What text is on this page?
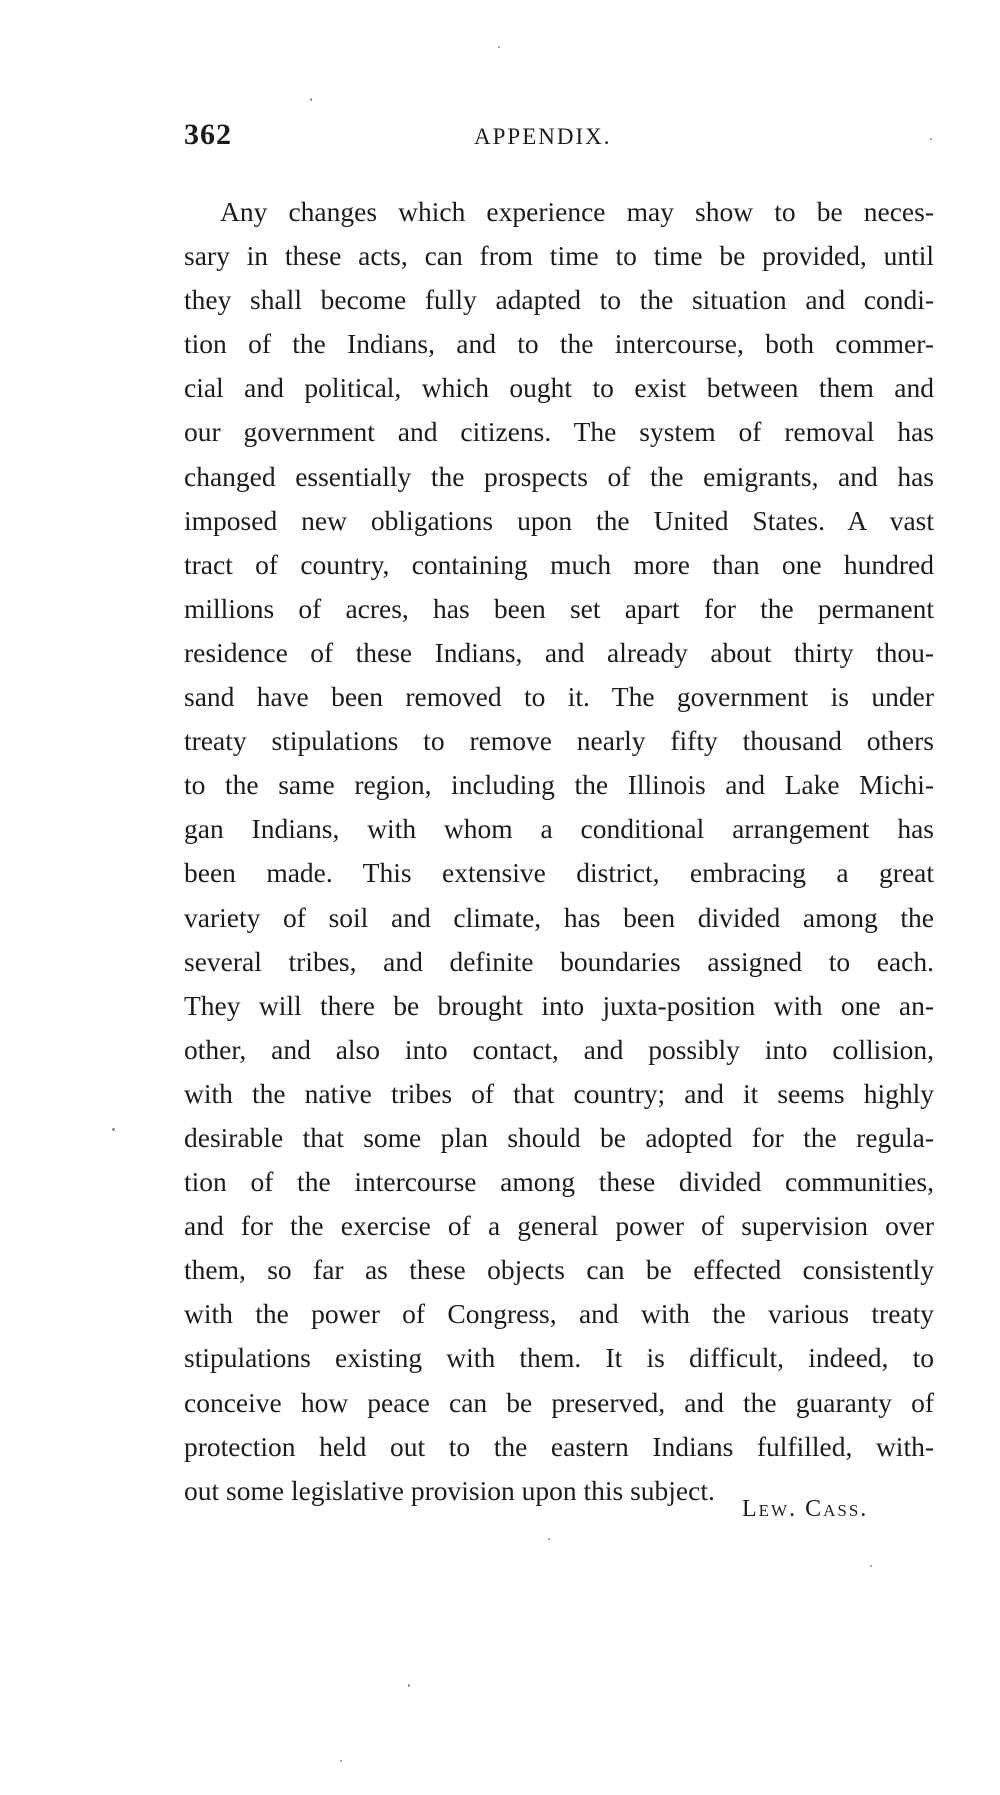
362	APPENDIX.
Any changes which experience may show to be neces-
sary in these acts, can from time to time be provided, until
they shall become fully adapted to the situation and condi-
tion of the Indians, and to the intercourse, both commer-
cial and political, which ought to exist between them and
our government and citizens. The system of removal has
changed essentially the prospects of the emigrants, and has
imposed new obligations upon the United States. A vast
tract of country, containing much more than one hundred
millions of acres, has been set apart for the permanent
residence of these Indians, and already about thirty thou-
sand have been removed to it. The government is under
treaty stipulations to remove nearly fifty thousand others
to the same region, including the Illinois and Lake Michi-
gan Indians, with whom a conditional arrangement has
been made. This extensive district, embracing a great
variety of soil and climate, has been divided among the
several tribes, and definite boundaries assigned to each.
They will there be brought into juxta-position with one an-
other, and also into contact, and possibly into collision,
with the native tribes of that country; and it seems highly
desirable that some plan should be adopted for the regula-
tion of the intercourse among these divided communities,
and for the exercise of a general power of supervision over
them, so far as these objects can be effected consistently
with the power of Congress, and with the various treaty
stipulations existing with them. It is difficult, indeed, to
conceive how peace can be preserved, and the guaranty of
protection held out to the eastern Indians fulfilled, with-
out some legislative provision upon this subject.
Lew. Cass.
